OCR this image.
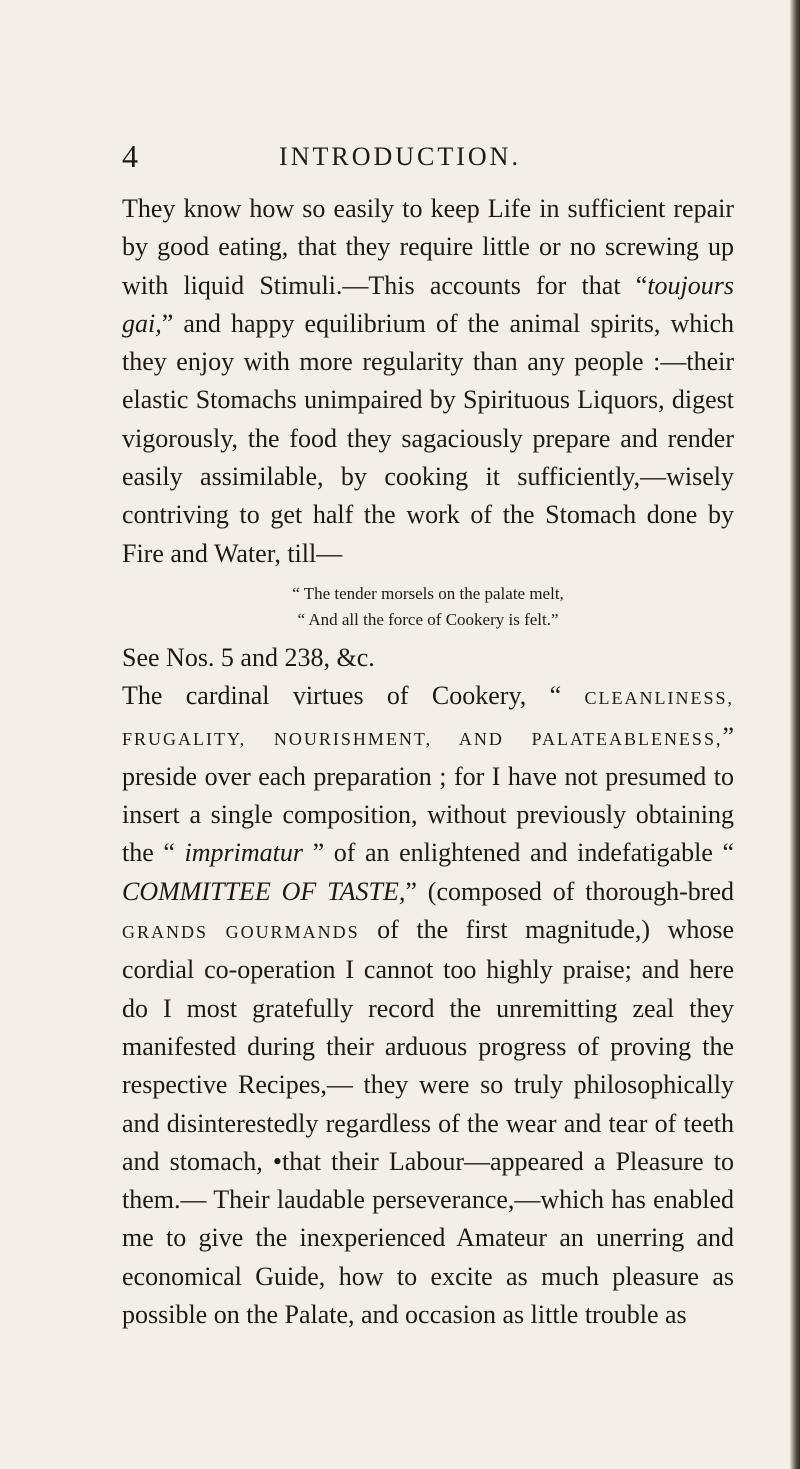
4	INTRODUCTION.

They know how so easily to keep Life in sufficient repair by good eating, that they require little or no screwing up with liquid Stimuli.—This accounts for that “toujours gai,” and happy equilibrium of the animal spirits, which they enjoy with more regularity than any people :—their elastic Stomachs unimpaired by Spirituous Liquors, digest vigorously, the food they sagaciously prepare and render easily assimilable, by cooking it sufficiently,—wisely contriving to get half the work of the Stomach done by Fire and Water, till—

“ The tender morsels on the palate melt,
“ And all the force of Cookery is felt.”

See Nos. 5 and 238, &c.

The cardinal virtues of Cookery, “ CLEANLINESS, FRUGALITY, NOURISHMENT, AND PALATEABLENESS,” preside over each preparation ; for I have not presumed to insert a single composition, without previously obtaining the “ imprimatur ” of an enlightened and indefatigable “ COMMITTEE OF TASTE,” (composed of thorough-bred GRANDS GOURMANDS of the first magnitude,) whose cordial co-operation I cannot too highly praise; and here do I most gratefully record the unremitting zeal they manifested during their arduous progress of proving the respective Recipes,— they were so truly philosophically and disinterestedly regardless of the wear and tear of teeth and stomach, •that their Labour—appeared a Pleasure to them.— Their laudable perseverance,—which has enabled me to give the inexperienced Amateur an unerring and economical Guide, how to excite as much pleasure as possible on the Palate, and occasion as little trouble as
